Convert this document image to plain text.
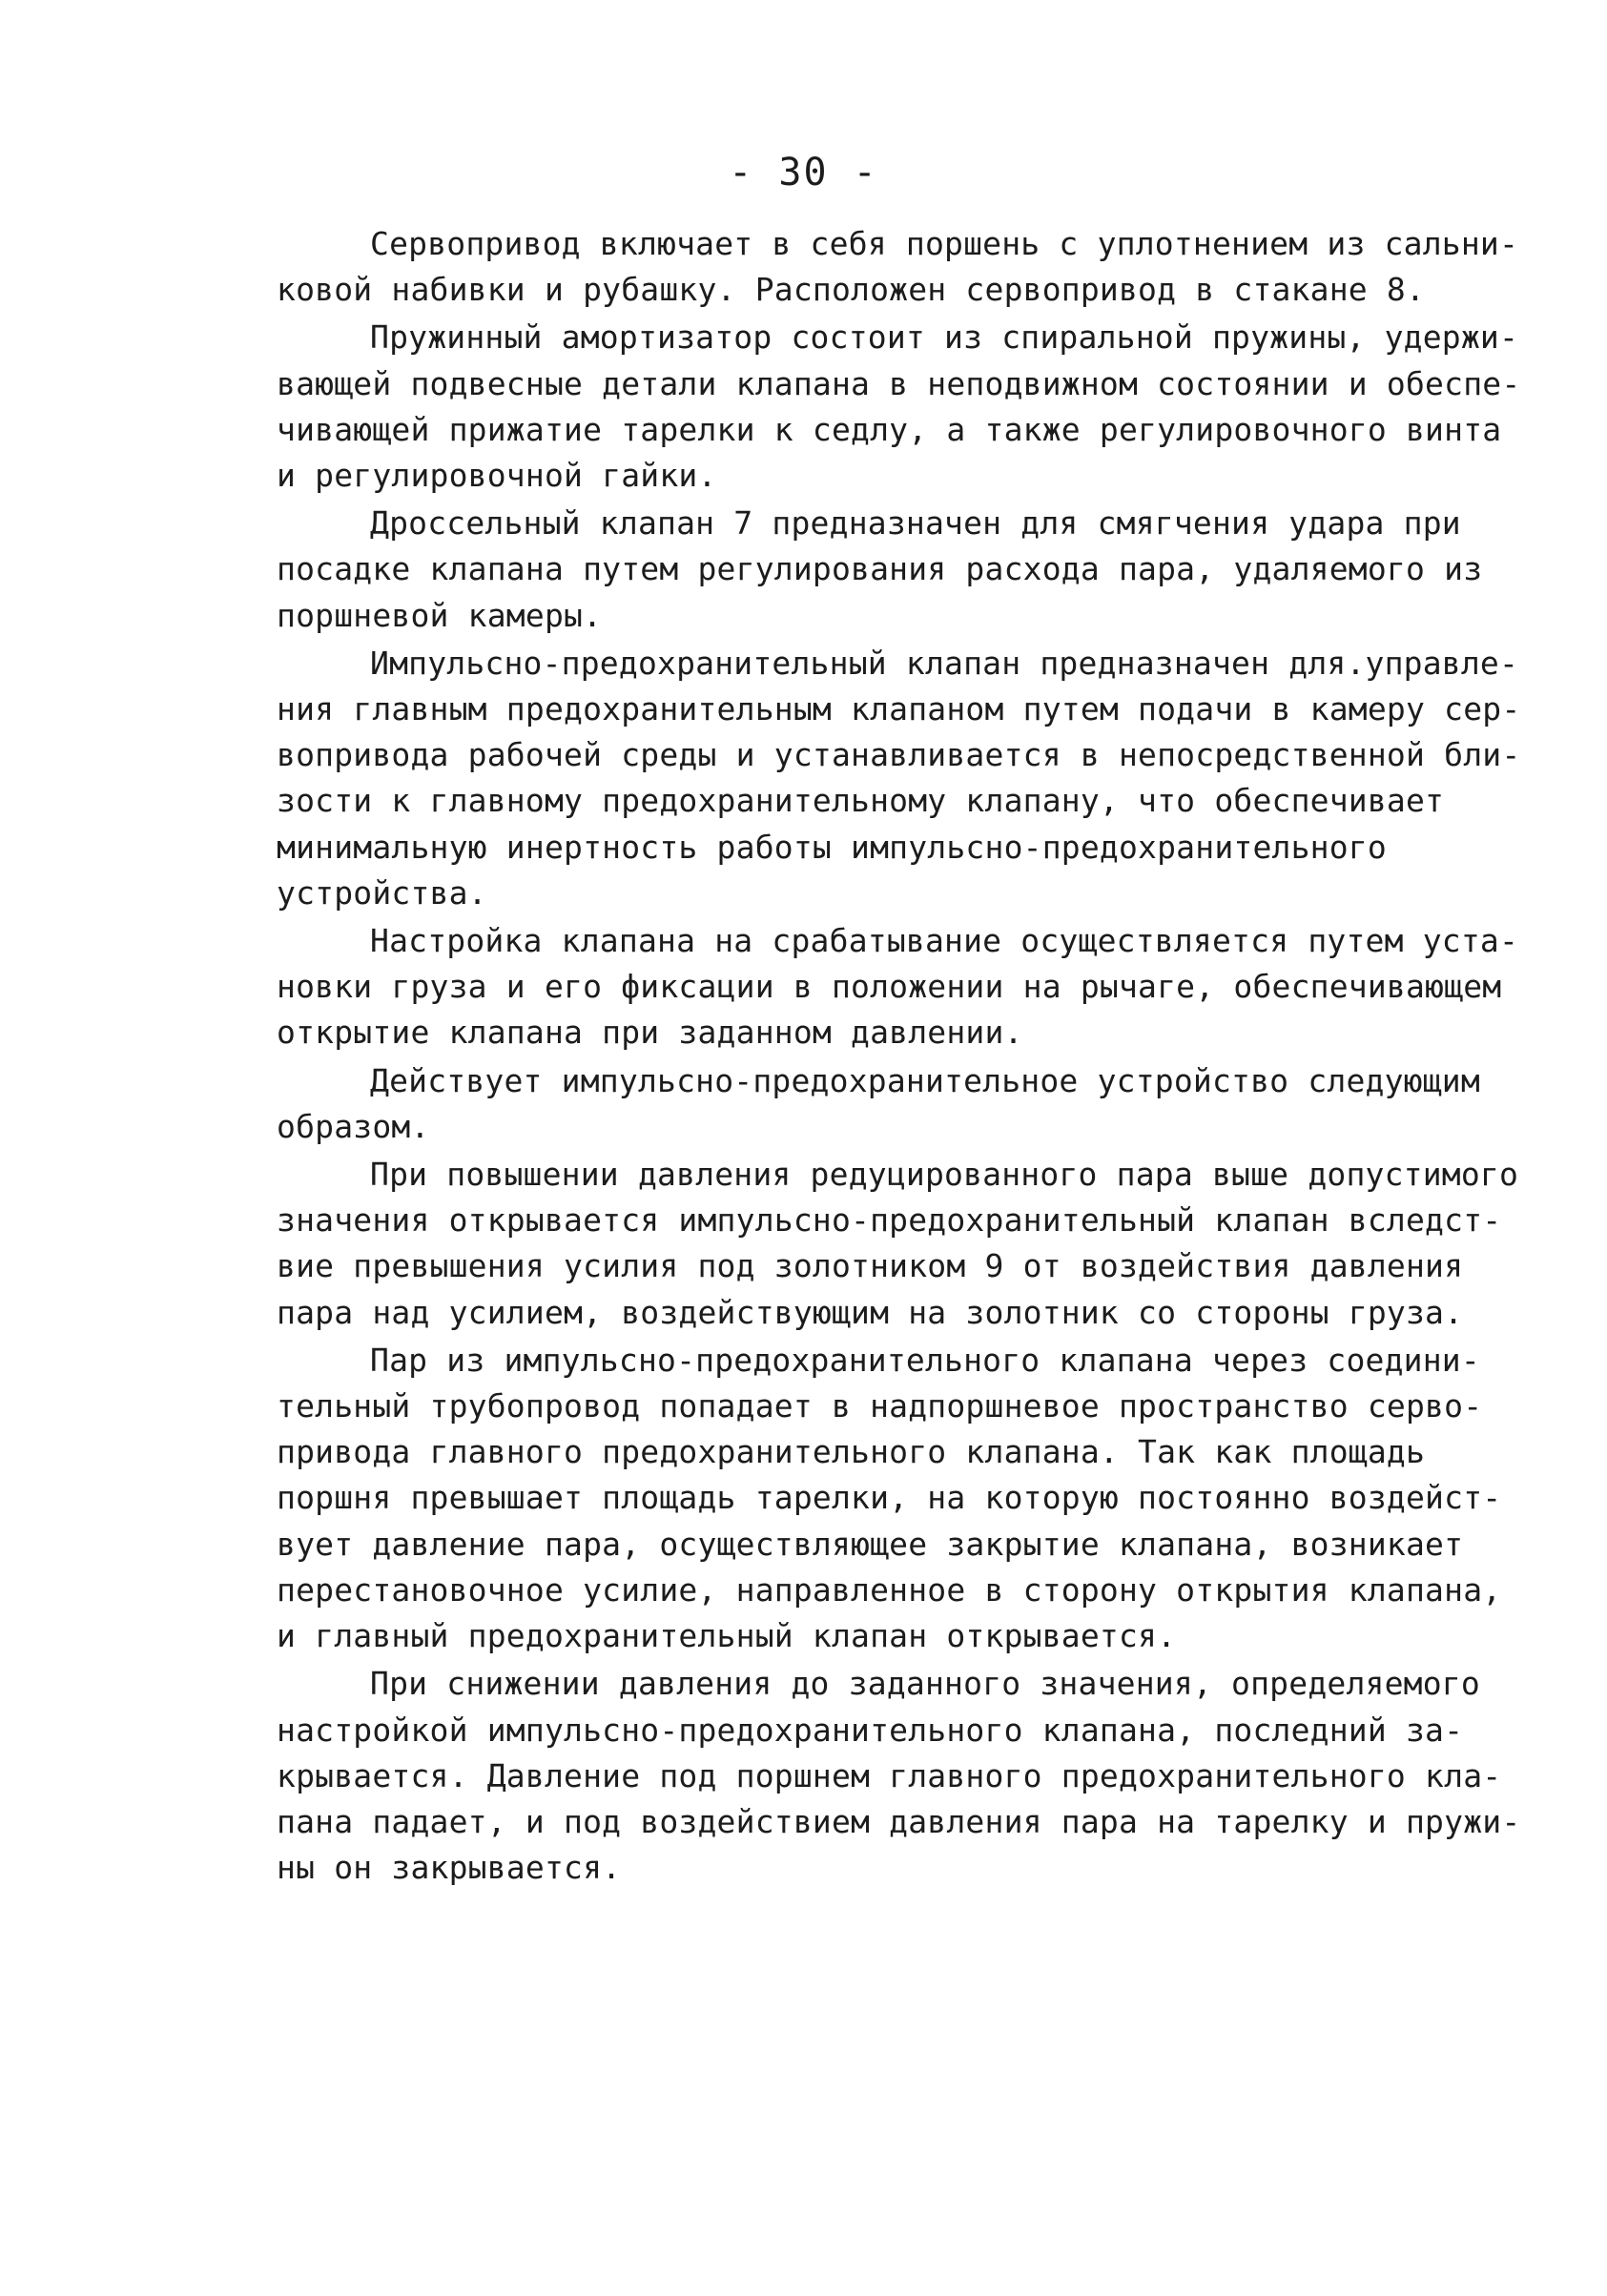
- 30 -

Сервопривод включает в себя поршень с уплотнением из сальни-
ковой набивки и рубашку. Расположен сервопривод в стакане 8.

Пружинный амортизатор состоит из спиральной пружины, удержи-
вающей подвесные детали клапана в неподвижном состоянии и обеспе-
чивающей прижатие тарелки к седлу, а также регулировочного винта
и регулировочной гайки.

Дроссельный клапан 7 предназначен для смягчения удара при
посадке клапана путем регулирования расхода пара, удаляемого из
поршневой камеры.

Импульсно-предохранительный клапан предназначен для.управле-
ния главным предохранительным клапаном путем подачи в камеру сер-
вопривода рабочей среды и устанавливается в непосредственной бли-
зости к главному предохранительному клапану, что обеспечивает
минимальную инертность работы импульсно-предохранительного
устройства.

Настройка клапана на срабатывание осуществляется путем уста-
новки груза и его фиксации в положении на рычаге, обеспечивающем
открытие клапана при заданном давлении.

Действует импульсно-предохранительное устройство следующим
образом.

При повышении давления редуцированного пара выше допустимого
значения открывается импульсно-предохранительный клапан вследст-
вие превышения усилия под золотником 9 от воздействия давления
пара над усилием, воздействующим на золотник со стороны груза.

Пар из импульсно-предохранительного клапана через соедини-
тельный трубопровод попадает в надпоршневое пространство серво-
привода главного предохранительного клапана. Так как площадь
поршня превышает площадь тарелки, на которую постоянно воздейст-
вует давление пара, осуществляющее закрытие клапана, возникает
перестановочное усилие, направленное в сторону открытия клапана,
и главный предохранительный клапан открывается.

При снижении давления до заданного значения, определяемого
настройкой импульсно-предохранительного клапана, последний за-
крывается. Давление под поршнем главного предохранительного кла-
пана падает, и под воздействием давления пара на тарелку и пружи-
ны он закрывается.
